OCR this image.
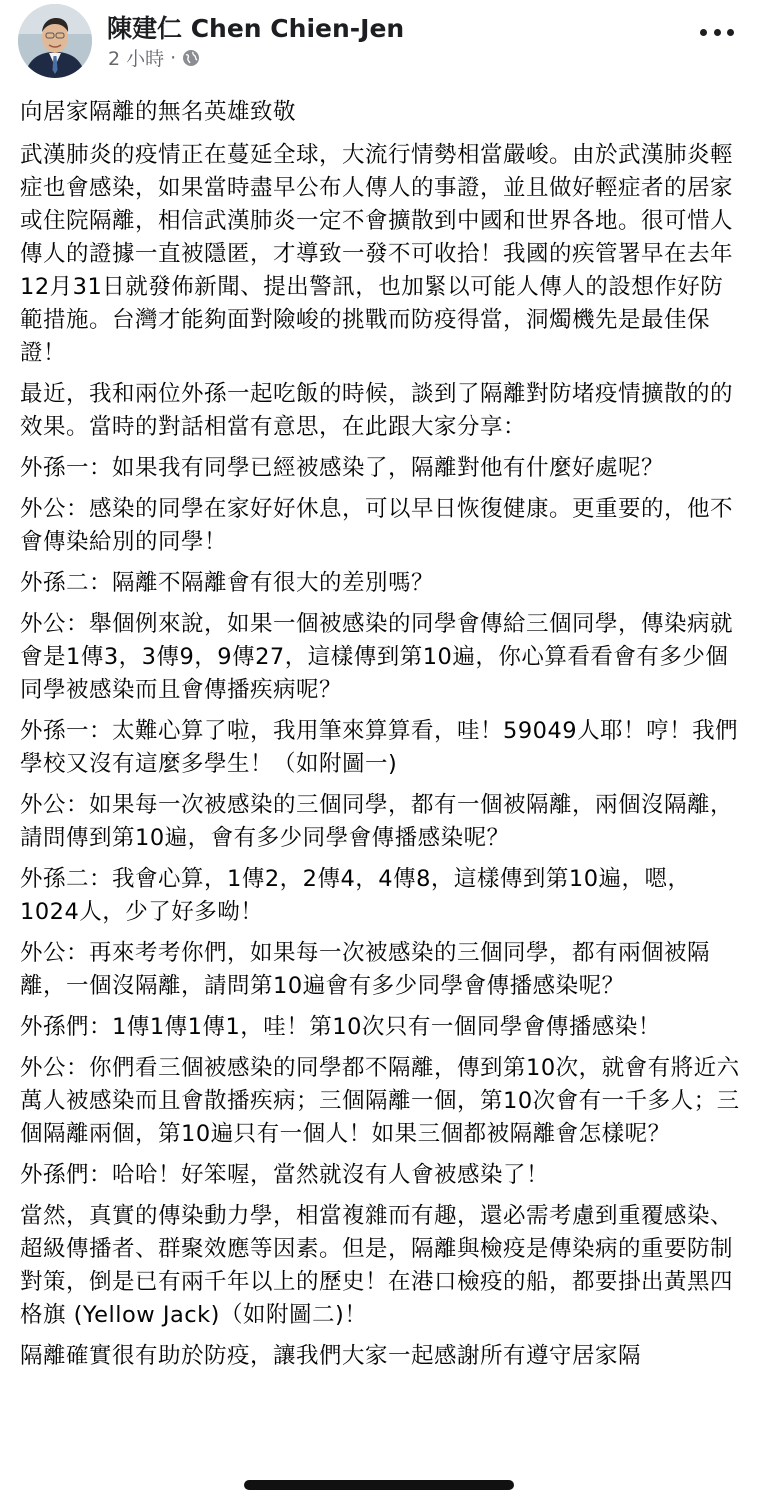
陳建仁 Chen Chien-Jen
2 小時 ·

向居家隔離的無名英雄致敬

武漢肺炎的疫情正在蔓延全球，大流行情勢相當嚴峻。由於武漢肺炎輕症也會感染，如果當時盡早公布人傳人的事證，並且做好輕症者的居家或住院隔離，相信武漢肺炎一定不會擴散到中國和世界各地。很可惜人傳人的證據一直被隱匿，才導致一發不可收拾！我國的疾管署早在去年12月31日就發佈新聞、提出警訊，也加緊以可能人傳人的設想作好防範措施。台灣才能夠面對險峻的挑戰而防疫得當，洞燭機先是最佳保證！

最近，我和兩位外孫一起吃飯的時候，談到了隔離對防堵疫情擴散的的效果。當時的對話相當有意思，在此跟大家分享：

外孫一：如果我有同學已經被感染了，隔離對他有什麼好處呢？

外公：感染的同學在家好好休息，可以早日恢復健康。更重要的，他不會傳染給別的同學！

外孫二：隔離不隔離會有很大的差別嗎？

外公：舉個例來說，如果一個被感染的同學會傳給三個同學，傳染病就會是1傳3，3傳9，9傳27，這樣傳到第10遍，你心算看看會有多少個同學被感染而且會傳播疾病呢？

外孫一：太難心算了啦，我用筆來算算看，哇！59049人耶！哼！我們學校又沒有這麼多學生！（如附圖一)

外公：如果每一次被感染的三個同學，都有一個被隔離，兩個沒隔離，請問傳到第10遍，會有多少同學會傳播感染呢？

外孫二：我會心算，1傳2，2傳4，4傳8，這樣傳到第10遍，嗯，1024人，少了好多呦！

外公：再來考考你們，如果每一次被感染的三個同學，都有兩個被隔離，一個沒隔離，請問第10遍會有多少同學會傳播感染呢？

外孫們：1傳1傳1傳1，哇！第10次只有一個同學會傳播感染！

外公：你們看三個被感染的同學都不隔離，傳到第10次，就會有將近六萬人被感染而且會散播疾病；三個隔離一個，第10次會有一千多人；三個隔離兩個，第10遍只有一個人！如果三個都被隔離會怎樣呢？

外孫們：哈哈！好笨喔，當然就沒有人會被感染了！

當然，真實的傳染動力學，相當複雜而有趣，還必需考慮到重覆感染、超級傳播者、群聚效應等因素。但是，隔離與檢疫是傳染病的重要防制對策，倒是已有兩千年以上的歷史！在港口檢疫的船，都要掛出黃黑四格旗 (Yellow Jack)（如附圖二)！

隔離確實很有助於防疫，讓我們大家一起感謝所有遵守居家隔
